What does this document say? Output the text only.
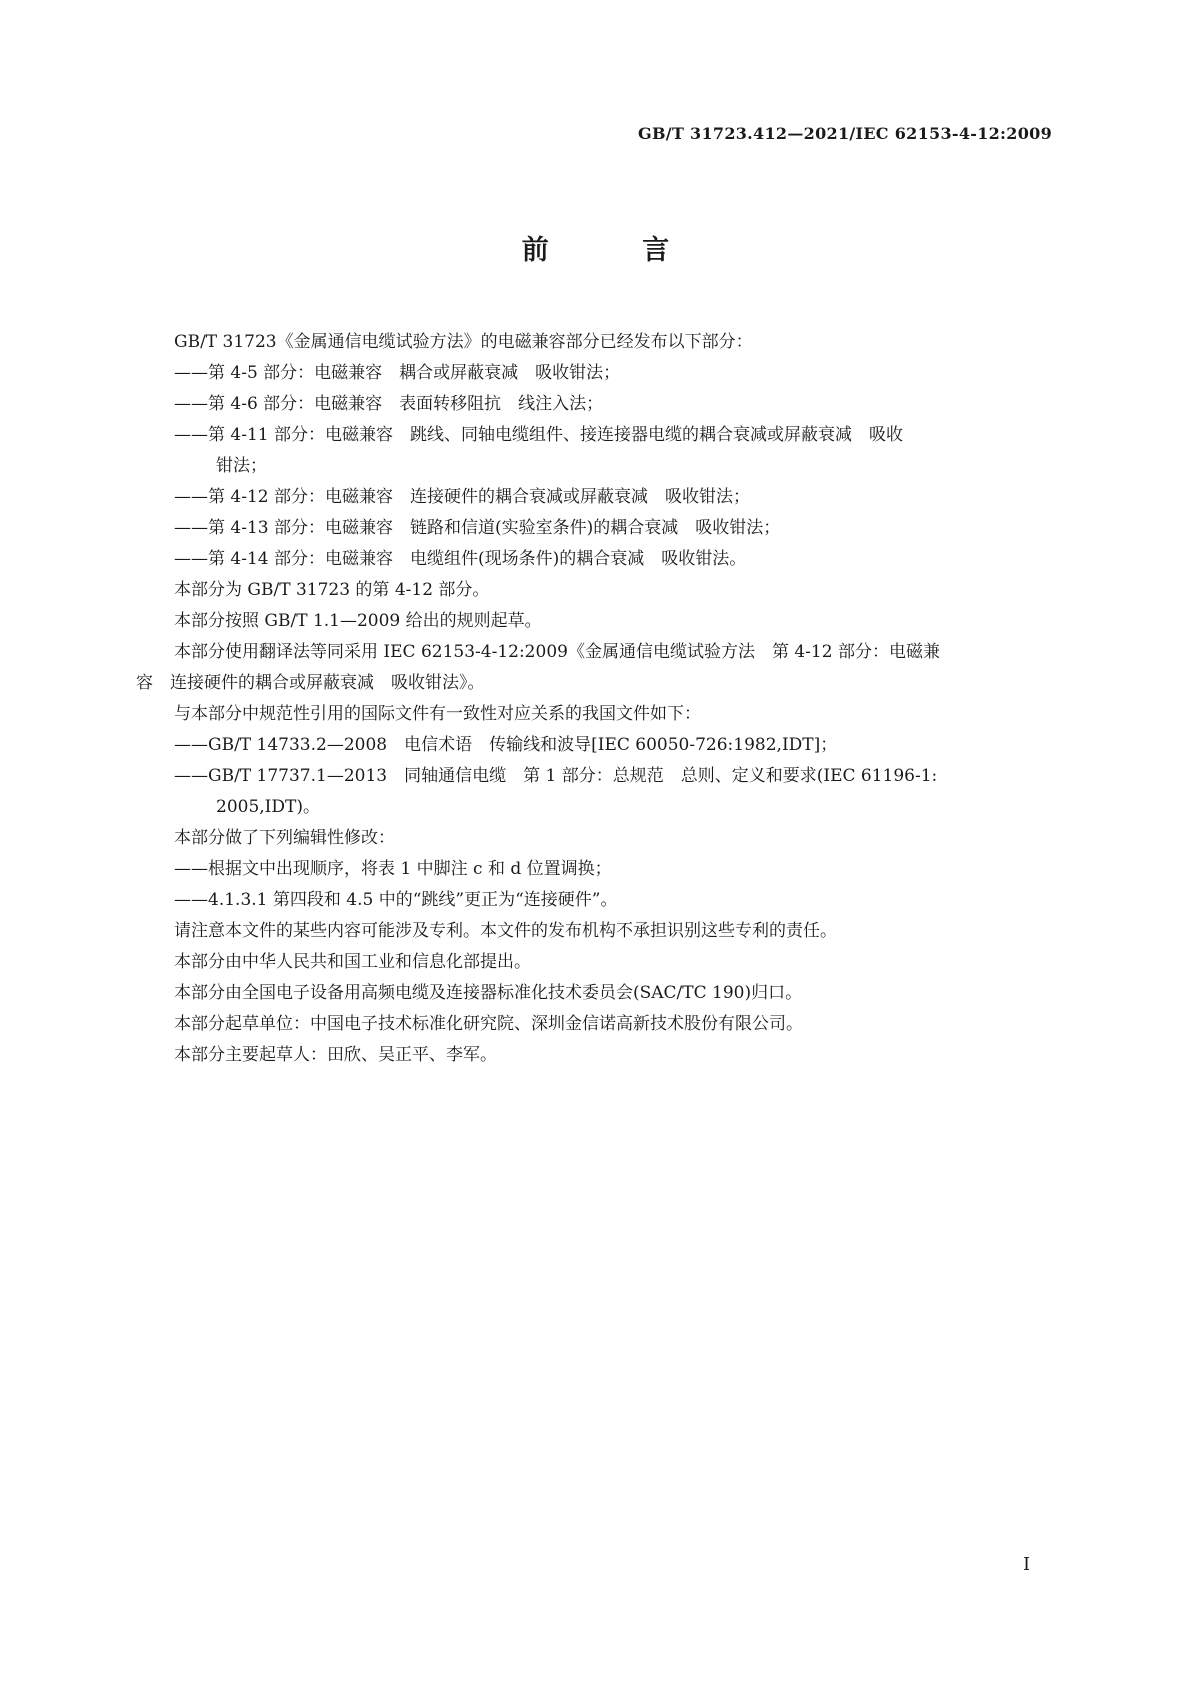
GB/T 31723.412—2021/IEC 62153-4-12:2009
前 言

GB/T 31723《金属通信电缆试验方法》的电磁兼容部分已经发布以下部分：

——第 4-5 部分：电磁兼容　耦合或屏蔽衰减　吸收钳法；

——第 4-6 部分：电磁兼容　表面转移阻抗　线注入法；

——第 4-11 部分：电磁兼容　跳线、同轴电缆组件、接连接器电缆的耦合衰减或屏蔽衰减　吸收

钳法；

——第 4-12 部分：电磁兼容　连接硬件的耦合衰减或屏蔽衰减　吸收钳法；

——第 4-13 部分：电磁兼容　链路和信道(实验室条件)的耦合衰减　吸收钳法；

——第 4-14 部分：电磁兼容　电缆组件(现场条件)的耦合衰减　吸收钳法。

本部分为 GB/T 31723 的第 4-12 部分。

本部分按照 GB/T 1.1—2009 给出的规则起草。

本部分使用翻译法等同采用 IEC 62153-4-12:2009《金属通信电缆试验方法　第 4-12 部分：电磁兼

容　连接硬件的耦合或屏蔽衰减　吸收钳法》。

与本部分中规范性引用的国际文件有一致性对应关系的我国文件如下：

——GB/T 14733.2—2008　电信术语　传输线和波导[IEC 60050-726:1982,IDT]；

——GB/T 17737.1—2013　同轴通信电缆　第 1 部分：总规范　总则、定义和要求(IEC 61196-1:

2005,IDT)。

本部分做了下列编辑性修改：

——根据文中出现顺序，将表 1 中脚注 c 和 d 位置调换；

——4.1.3.1 第四段和 4.5 中的“跳线”更正为“连接硬件”。

请注意本文件的某些内容可能涉及专利。本文件的发布机构不承担识别这些专利的责任。

本部分由中华人民共和国工业和信息化部提出。

本部分由全国电子设备用高频电缆及连接器标准化技术委员会(SAC/TC 190)归口。

本部分起草单位：中国电子技术标准化研究院、深圳金信诺高新技术股份有限公司。

本部分主要起草人：田欣、吴正平、李军。

I
